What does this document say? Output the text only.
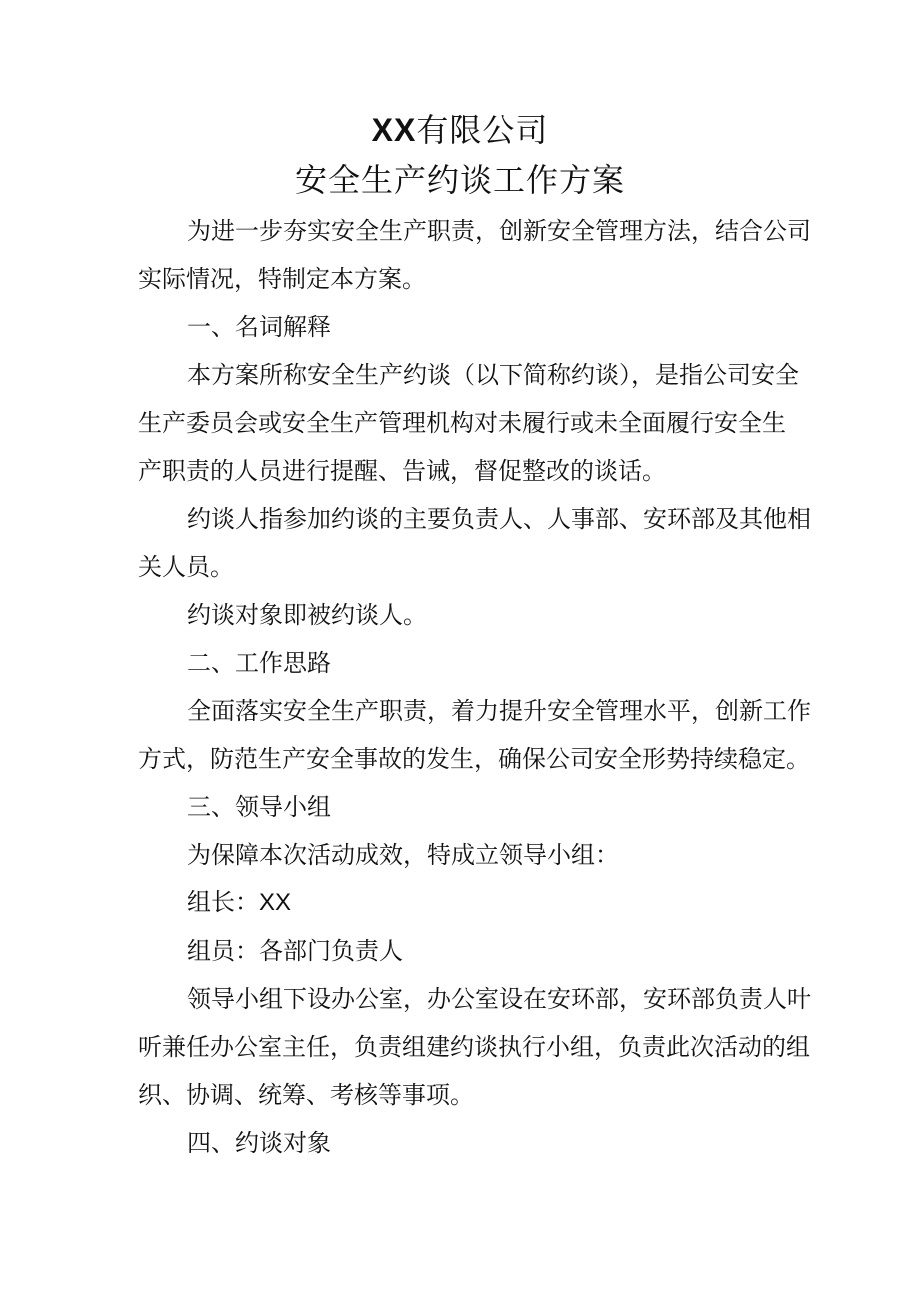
XX有限公司
安全生产约谈工作方案
为进一步夯实安全生产职责，创新安全管理方法，结合公司
实际情况，特制定本方案。
一、名词解释
本方案所称安全生产约谈（以下简称约谈），是指公司安全
生产委员会或安全生产管理机构对未履行或未全面履行安全生
产职责的人员进行提醒、告诫，督促整改的谈话。
约谈人指参加约谈的主要负责人、人事部、安环部及其他相
关人员。
约谈对象即被约谈人。
二、工作思路
全面落实安全生产职责，着力提升安全管理水平，创新工作
方式，防范生产安全事故的发生，确保公司安全形势持续稳定。
三、领导小组
为保障本次活动成效，特成立领导小组：
组长：XX
组员：各部门负责人
领导小组下设办公室，办公室设在安环部，安环部负责人叶
听兼任办公室主任，负责组建约谈执行小组，负责此次活动的组
织、协调、统筹、考核等事项。
四、约谈对象
